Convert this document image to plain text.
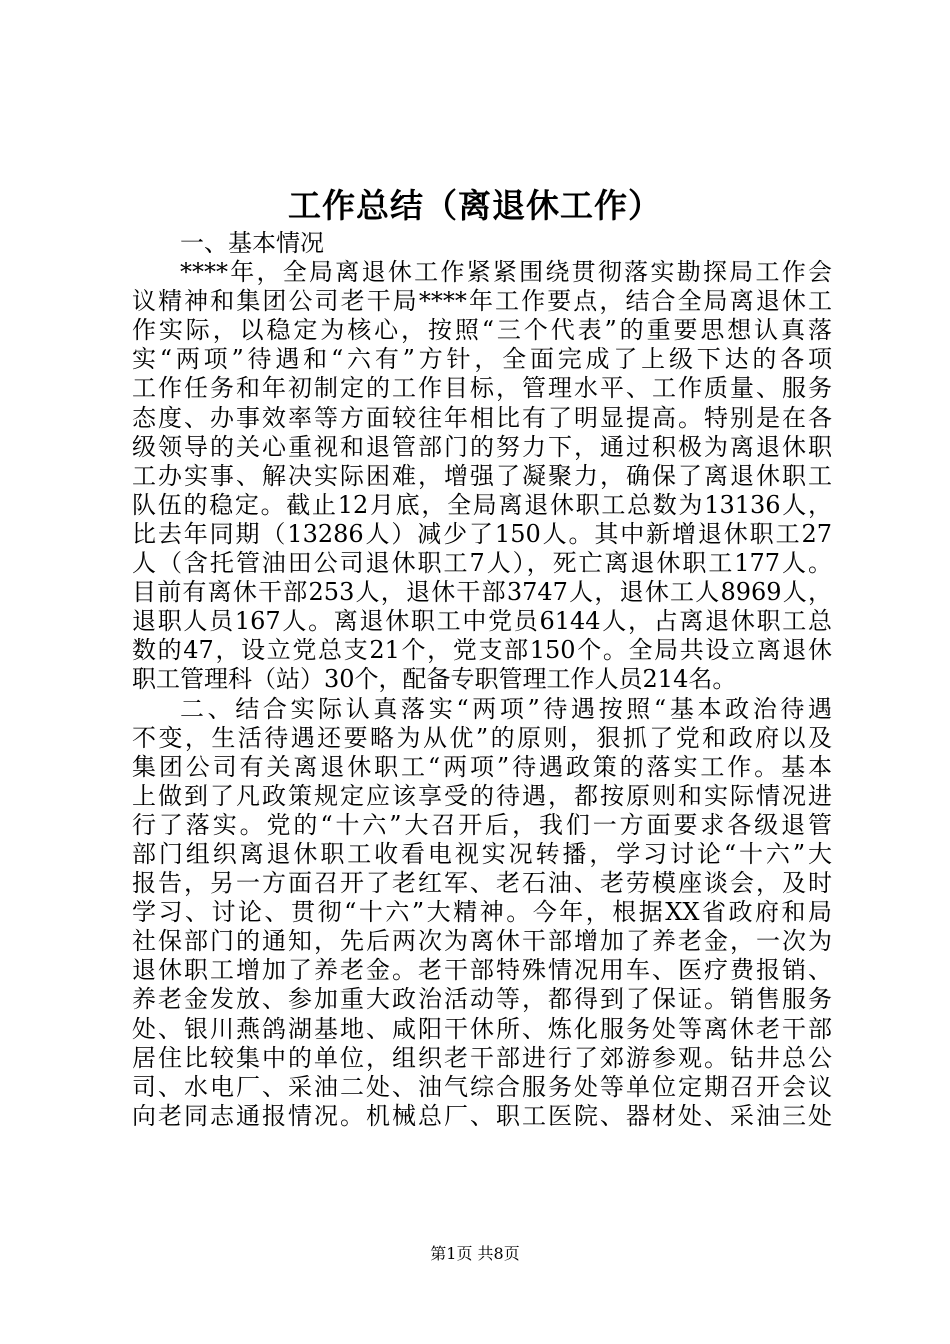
工作总结（离退休工作）
一、基本情况
****年，全局离退休工作紧紧围绕贯彻落实勘探局工作会
议精神和集团公司老干局****年工作要点，结合全局离退休工
作实际，以稳定为核心，按照“三个代表”的重要思想认真落
实“两项”待遇和“六有”方针，全面完成了上级下达的各项
工作任务和年初制定的工作目标，管理水平、工作质量、服务
态度、办事效率等方面较往年相比有了明显提高。特别是在各
级领导的关心重视和退管部门的努力下，通过积极为离退休职
工办实事、解决实际困难，增强了凝聚力，确保了离退休职工
队伍的稳定。截止12月底，全局离退休职工总数为13136人，
比去年同期（13286人）减少了150人。其中新增退休职工27
人（含托管油田公司退休职工7人），死亡离退休职工177人。
目前有离休干部253人，退休干部3747人，退休工人8969人，
退职人员167人。离退休职工中党员6144人，占离退休职工总
数的47，设立党总支21个，党支部150个。全局共设立离退休
职工管理科（站）30个，配备专职管理工作人员214名。
二、结合实际认真落实“两项”待遇按照“基本政治待遇
不变，生活待遇还要略为从优”的原则，狠抓了党和政府以及
集团公司有关离退休职工“两项”待遇政策的落实工作。基本
上做到了凡政策规定应该享受的待遇，都按原则和实际情况进
行了落实。党的“十六”大召开后，我们一方面要求各级退管
部门组织离退休职工收看电视实况转播，学习讨论“十六”大
报告，另一方面召开了老红军、老石油、老劳模座谈会，及时
学习、讨论、贯彻“十六”大精神。今年，根据XX省政府和局
社保部门的通知，先后两次为离休干部增加了养老金，一次为
退休职工增加了养老金。老干部特殊情况用车、医疗费报销、
养老金发放、参加重大政治活动等，都得到了保证。销售服务
处、银川燕鸽湖基地、咸阳干休所、炼化服务处等离休老干部
居住比较集中的单位，组织老干部进行了郊游参观。钻井总公
司、水电厂、采油二处、油气综合服务处等单位定期召开会议
向老同志通报情况。机械总厂、职工医院、器材处、采油三处
第1页 共8页
